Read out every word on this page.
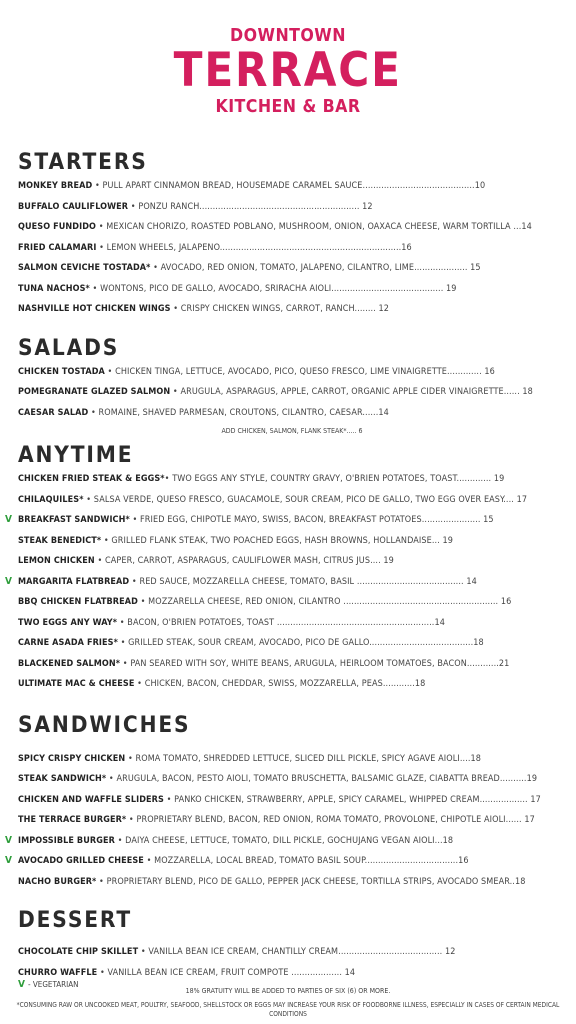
DOWNTOWN
TERRACE
KITCHEN & BAR
STARTERS
MONKEY BREAD • PULL APART CINNAMON BREAD, HOUSEMADE CARAMEL SAUCE..........................................10
BUFFALO CAULIFLOWER • PONZU RANCH............................................................ 12
QUESO FUNDIDO • MEXICAN CHORIZO, ROASTED POBLANO, MUSHROOM, ONION, OAXACA CHEESE, WARM TORTILLA ...14
FRIED CALAMARI • LEMON WHEELS, JALAPENO....................................................................16
SALMON CEVICHE TOSTADA* • AVOCADO, RED ONION, TOMATO, JALAPENO, CILANTRO, LIME.................... 15
TUNA NACHOS* • WONTONS, PICO DE GALLO, AVOCADO, SRIRACHA AIOLI.......................................... 19
NASHVILLE HOT CHICKEN WINGS • CRISPY CHICKEN WINGS, CARROT, RANCH........ 12
SALADS
CHICKEN TOSTADA • CHICKEN TINGA, LETTUCE, AVOCADO, PICO, QUESO FRESCO, LIME VINAIGRETTE............. 16
POMEGRANATE GLAZED SALMON • ARUGULA, ASPARAGUS, APPLE, CARROT, ORGANIC APPLE CIDER VINAIGRETTE...... 18
CAESAR SALAD • ROMAINE, SHAVED PARMESAN, CROUTONS, CILANTRO, CAESAR......14
ADD CHICKEN, SALMON, FLANK STEAK*..... 6
ANYTIME
CHICKEN FRIED STEAK & EGGS*• TWO EGGS ANY STYLE, COUNTRY GRAVY, O'BRIEN POTATOES, TOAST............. 19
CHILAQUILES* • SALSA VERDE, QUESO FRESCO, GUACAMOLE, SOUR CREAM, PICO DE GALLO, TWO EGG OVER EASY.... 17
V BREAKFAST SANDWICH* • FRIED EGG, CHIPOTLE MAYO, SWISS, BACON, BREAKFAST POTATOES...................... 15
STEAK BENEDICT* • GRILLED FLANK STEAK, TWO POACHED EGGS, HASH BROWNS, HOLLANDAISE... 19
LEMON CHICKEN • CAPER, CARROT, ASPARAGUS, CAULIFLOWER MASH, CITRUS JUS.... 19
V MARGARITA FLATBREAD • RED SAUCE, MOZZARELLA CHEESE, TOMATO, BASIL ........................................ 14
BBQ CHICKEN FLATBREAD • MOZZARELLA CHEESE, RED ONION, CILANTRO .......................................................... 16
TWO EGGS ANY WAY* • BACON, O'BRIEN POTATOES, TOAST ...........................................................14
CARNE ASADA FRIES* • GRILLED STEAK, SOUR CREAM, AVOCADO, PICO DE GALLO.......................................18
BLACKENED SALMON* • PAN SEARED WITH SOY, WHITE BEANS, ARUGULA, HEIRLOOM TOMATOES, BACON............21
ULTIMATE MAC & CHEESE • CHICKEN, BACON, CHEDDAR, SWISS, MOZZARELLA, PEAS............18
SANDWICHES
SPICY CRISPY CHICKEN • ROMA TOMATO, SHREDDED LETTUCE, SLICED DILL PICKLE, SPICY AGAVE AIOLI....18
STEAK SANDWICH* • ARUGULA, BACON, PESTO AIOLI, TOMATO BRUSCHETTA, BALSAMIC GLAZE, CIABATTA BREAD..........19
CHICKEN AND WAFFLE SLIDERS • PANKO CHICKEN, STRAWBERRY, APPLE, SPICY CARAMEL, WHIPPED CREAM.................. 17
THE TERRACE BURGER* • PROPRIETARY BLEND, BACON, RED ONION, ROMA TOMATO, PROVOLONE, CHIPOTLE AIOLI...... 17
V IMPOSSIBLE BURGER • DAIYA CHEESE, LETTUCE, TOMATO, DILL PICKLE, GOCHUJANG VEGAN AIOLI...18
V AVOCADO GRILLED CHEESE • MOZZARELLA, LOCAL BREAD, TOMATO BASIL SOUP...................................16
NACHO BURGER* • PROPRIETARY BLEND, PICO DE GALLO, PEPPER JACK CHEESE, TORTILLA STRIPS, AVOCADO SMEAR..18
DESSERT
CHOCOLATE CHIP SKILLET • VANILLA BEAN ICE CREAM, CHANTILLY CREAM....................................... 12
CHURRO WAFFLE • VANILLA BEAN ICE CREAM, FRUIT COMPOTE ................... 14
V - VEGETARIAN
18% GRATUITY WILL BE ADDED TO PARTIES OF SIX (6) OR MORE.
*CONSUMING RAW OR UNCOOKED MEAT, POULTRY, SEAFOOD, SHELLSTOCK OR EGGS MAY INCREASE YOUR RISK OF FOODBORNE ILLNESS, ESPECIALLY IN CASES OF CERTAIN MEDICAL CONDITIONS
